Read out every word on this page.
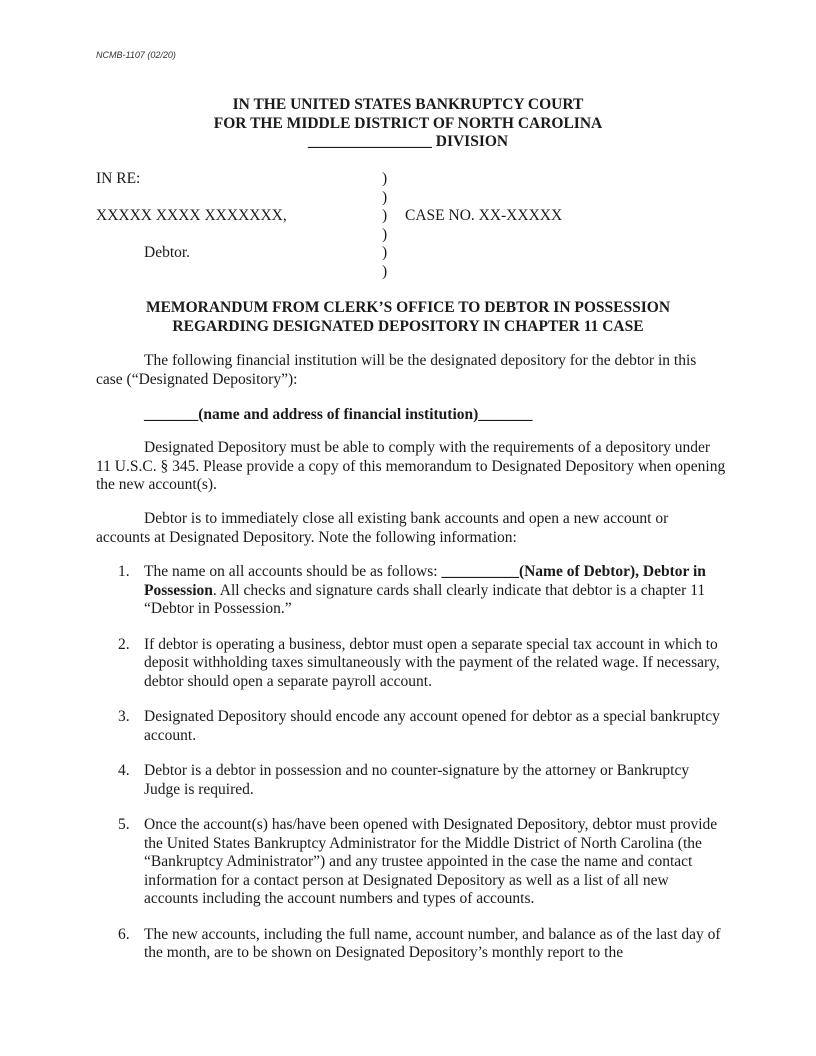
NCMB-1107 (02/20)
IN THE UNITED STATES BANKRUPTCY COURT
FOR THE MIDDLE DISTRICT OF NORTH CAROLINA
________________ DIVISION
IN RE:
XXXXX XXXX XXXXXXX,
Debtor.
CASE NO. XX-XXXXX
)
)
)
)
)
)
MEMORANDUM FROM CLERK’S OFFICE TO DEBTOR IN POSSESSION
REGARDING DESIGNATED DEPOSITORY IN CHAPTER 11 CASE
The following financial institution will be the designated depository for the debtor in this case (“Designated Depository”):
_______(name and address of financial institution)_______
Designated Depository must be able to comply with the requirements of a depository under 11 U.S.C. § 345. Please provide a copy of this memorandum to Designated Depository when opening the new account(s).
Debtor is to immediately close all existing bank accounts and open a new account or accounts at Designated Depository. Note the following information:
1. The name on all accounts should be as follows: __________(Name of Debtor), Debtor in Possession. All checks and signature cards shall clearly indicate that debtor is a chapter 11 “Debtor in Possession.”
2. If debtor is operating a business, debtor must open a separate special tax account in which to deposit withholding taxes simultaneously with the payment of the related wage. If necessary, debtor should open a separate payroll account.
3. Designated Depository should encode any account opened for debtor as a special bankruptcy account.
4. Debtor is a debtor in possession and no counter-signature by the attorney or Bankruptcy Judge is required.
5. Once the account(s) has/have been opened with Designated Depository, debtor must provide the United States Bankruptcy Administrator for the Middle District of North Carolina (the “Bankruptcy Administrator”) and any trustee appointed in the case the name and contact information for a contact person at Designated Depository as well as a list of all new accounts including the account numbers and types of accounts.
6. The new accounts, including the full name, account number, and balance as of the last day of the month, are to be shown on Designated Depository’s monthly report to the
